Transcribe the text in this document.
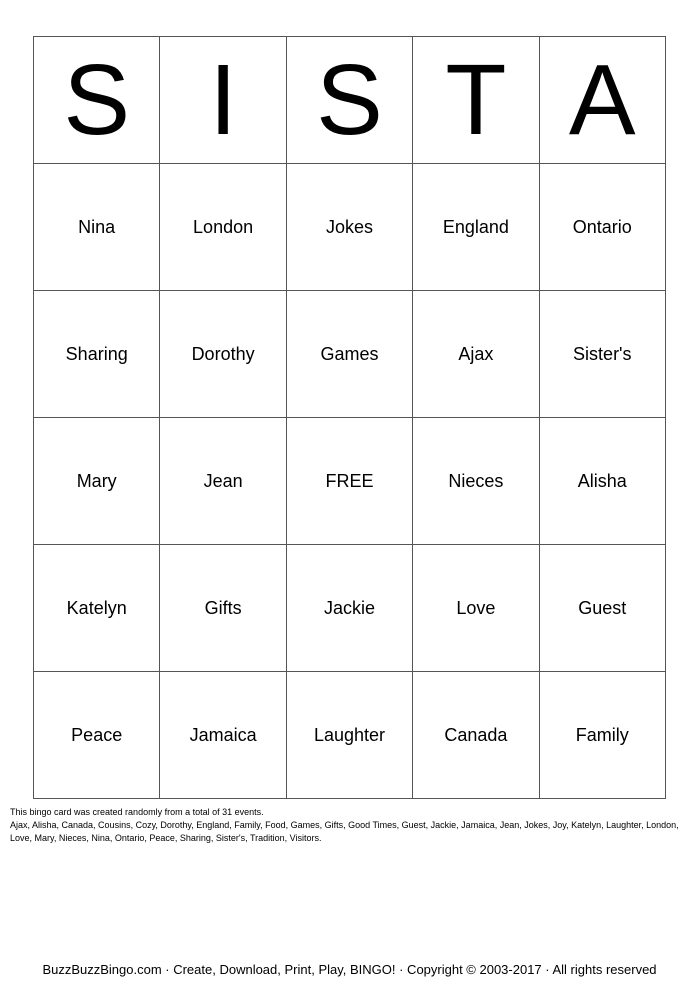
S	I	S	T	A
Nina	London	Jokes	England	Ontario
Sharing	Dorothy	Games	Ajax	Sister's
Mary	Jean	FREE	Nieces	Alisha
Katelyn	Gifts	Jackie	Love	Guest
Peace	Jamaica	Laughter	Canada	Family
This bingo card was created randomly from a total of 31 events.
Ajax, Alisha, Canada, Cousins, Cozy, Dorothy, England, Family, Food, Games, Gifts, Good Times, Guest, Jackie, Jamaica, Jean, Jokes, Joy, Katelyn, Laughter, London, Love, Mary, Nieces, Nina, Ontario, Peace, Sharing, Sister's, Tradition, Visitors.
BuzzBuzzBingo.com · Create, Download, Print, Play, BINGO! · Copyright © 2003-2017 · All rights reserved
